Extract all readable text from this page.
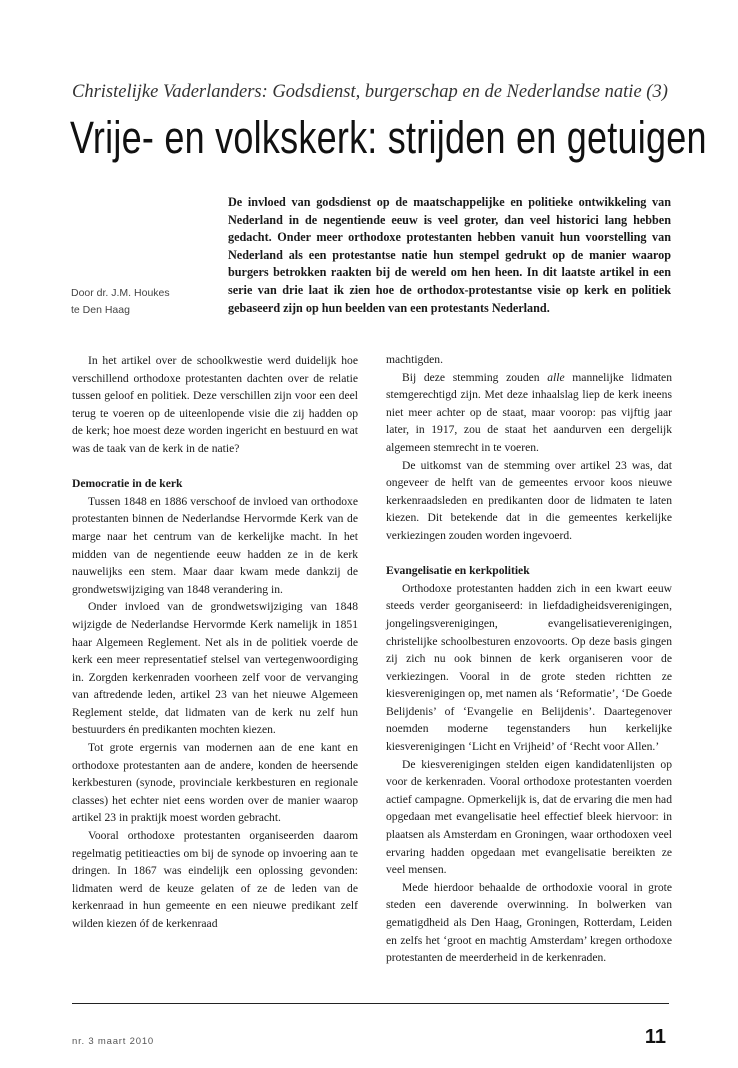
Christelijke Vaderlanders: Godsdienst, burgerschap en de Nederlandse natie (3)
Vrije- en volkskerk: strijden en getuigen
Door dr. J.M. Houkes
te Den Haag
De invloed van godsdienst op de maatschappelijke en politieke ontwikkeling van Nederland in de negentiende eeuw is veel groter, dan veel historici lang hebben gedacht. Onder meer orthodoxe protestanten hebben vanuit hun voorstelling van Nederland als een protestantse natie hun stempel gedrukt op de manier waarop burgers betrokken raakten bij de wereld om hen heen. In dit laatste artikel in een serie van drie laat ik zien hoe de orthodox-protestantse visie op kerk en politiek gebaseerd zijn op hun beelden van een protestants Nederland.

In het artikel over de schoolkwestie werd duidelijk hoe verschillend orthodoxe protestanten dachten over de relatie tussen geloof en politiek. Deze verschillen zijn voor een deel terug te voeren op de uiteenlopende visie die zij hadden op de kerk; hoe moest deze worden ingericht en bestuurd en wat was de taak van de kerk in de natie?

Democratie in de kerk

Tussen 1848 en 1886 verschoof de invloed van orthodoxe protestanten binnen de Nederlandse Hervormde Kerk van de marge naar het centrum van de kerkelijke macht. In het midden van de negentiende eeuw hadden ze in de kerk nauwelijks een stem. Maar daar kwam mede dankzij de grondwetswijziging van 1848 verandering in.

Onder invloed van de grondwetswijziging van 1848 wijzigde de Nederlandse Hervormde Kerk namelijk in 1851 haar Algemeen Reglement. Net als in de politiek voerde de kerk een meer representatief stelsel van vertegenwoordiging in. Zorgden kerkenraden voorheen zelf voor de vervanging van aftredende leden, artikel 23 van het nieuwe Algemeen Reglement stelde, dat lidmaten van de kerk nu zelf hun bestuurders én predikanten mochten kiezen.

Tot grote ergernis van modernen aan de ene kant en orthodoxe protestanten aan de andere, konden de heersende kerkbesturen (synode, provinciale kerkbesturen en regionale classes) het echter niet eens worden over de manier waarop artikel 23 in praktijk moest worden gebracht.

Vooral orthodoxe protestanten organiseerden daarom regelmatig petitieacties om bij de synode op invoering aan te dringen. In 1867 was eindelijk een oplossing gevonden: lidmaten werd de keuze gelaten of ze de leden van de kerkenraad in hun gemeente en een nieuwe predikant zelf wilden kiezen óf de kerkenraad

machtigden.

Bij deze stemming zouden alle mannelijke lidmaten stemgerechtigd zijn. Met deze inhaalslag liep de kerk ineens niet meer achter op de staat, maar voorop: pas vijftig jaar later, in 1917, zou de staat het aandurven een dergelijk algemeen stemrecht in te voeren.

De uitkomst van de stemming over artikel 23 was, dat ongeveer de helft van de gemeentes ervoor koos nieuwe kerkenraadsleden en predikanten door de lidmaten te laten kiezen. Dit betekende dat in die gemeentes kerkelijke verkiezingen zouden worden ingevoerd.

Evangelisatie en kerkpolitiek

Orthodoxe protestanten hadden zich in een kwart eeuw steeds verder georganiseerd: in liefdadigheidsverenigingen, jongelingsverenigingen, evangelisatieverenigingen, christelijke schoolbesturen enzovoorts. Op deze basis gingen zij zich nu ook binnen de kerk organiseren voor de verkiezingen. Vooral in de grote steden richtten ze kiesverenigingen op, met namen als ‘Reformatie’, ‘De Goede Belijdenis’ of ‘Evangelie en Belijdenis’. Daartegenover noemden moderne tegenstanders hun kerkelijke kiesverenigingen ‘Licht en Vrijheid’ of ‘Recht voor Allen.’

De kiesverenigingen stelden eigen kandidatenlijsten op voor de kerkenraden. Vooral orthodoxe protestanten voerden actief campagne. Opmerkelijk is, dat de ervaring die men had opgedaan met evangelisatie heel effectief bleek hiervoor: in plaatsen als Amsterdam en Groningen, waar orthodoxen veel ervaring hadden opgedaan met evangelisatie bereikten ze veel mensen.

Mede hierdoor behaalde de orthodoxie vooral in grote steden een daverende overwinning. In bolwerken van gematigdheid als Den Haag, Groningen, Rotterdam, Leiden en zelfs het ‘groot en machtig Amsterdam’ kregen orthodoxe protestanten de meerderheid in de kerkenraden.

nr. 3 maart 2010	11
